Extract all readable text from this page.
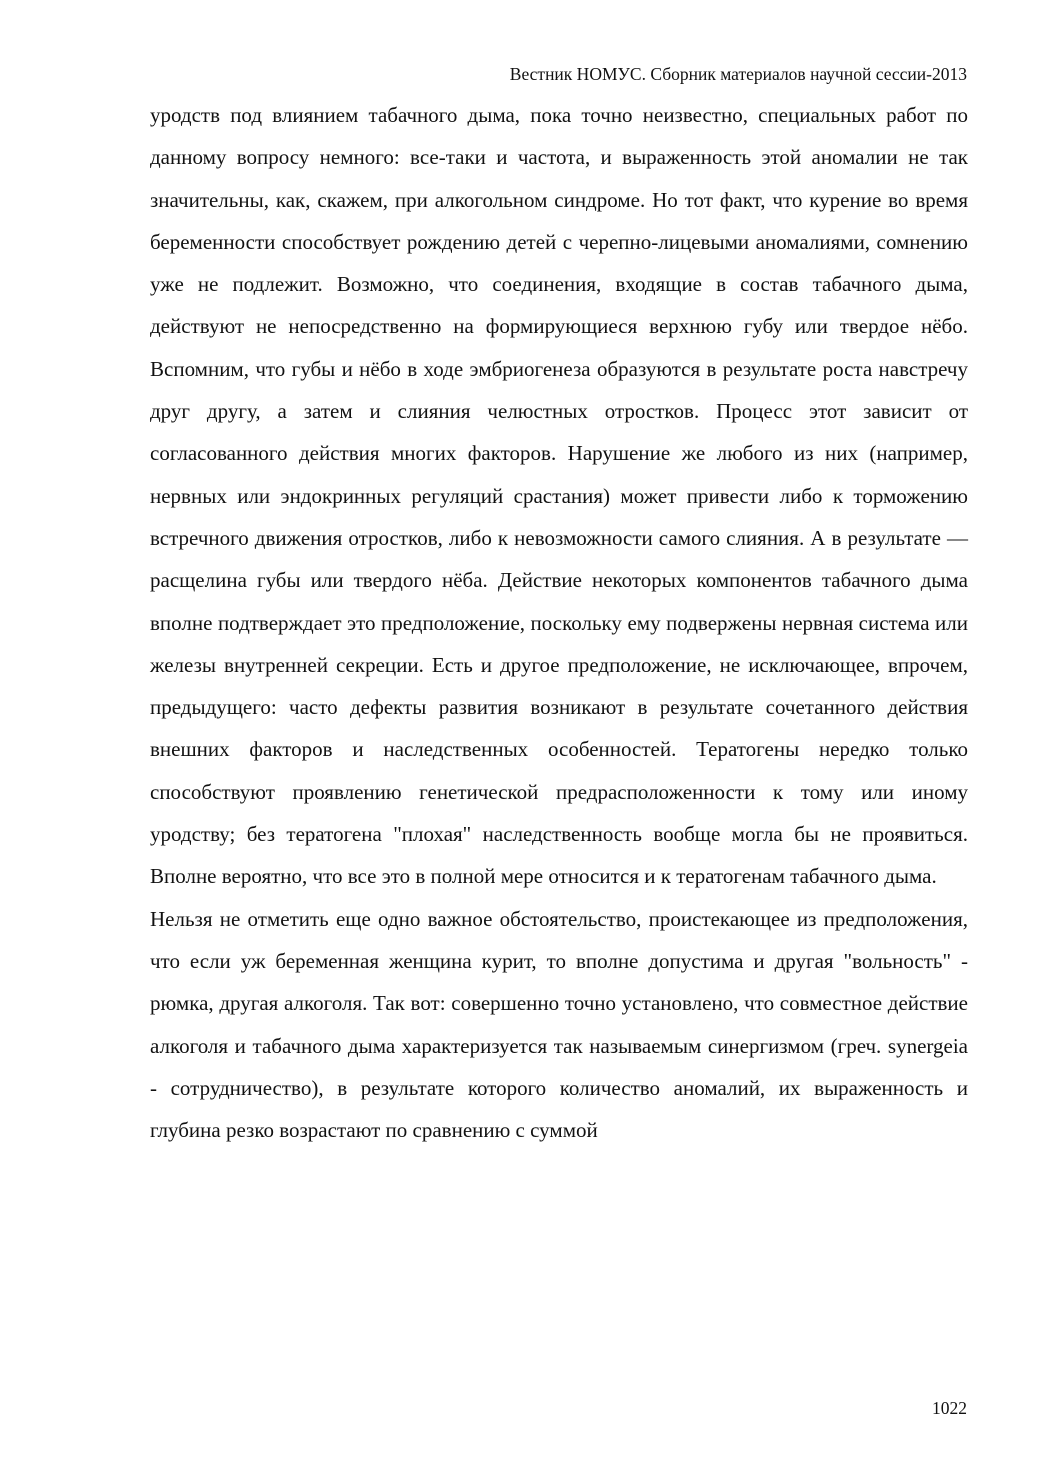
Вестник НОМУС. Сборник материалов научной сессии-2013

уродств под влиянием табачного дыма, пока точно неизвестно, специальных работ по данному вопросу немного: все-таки и частота, и выраженность этой аномалии не так значительны, как, скажем, при алкогольном синдроме. Но тот факт, что курение во время беременности способствует рождению детей с черепно-лицевыми аномалиями, сомнению уже не подлежит. Возможно, что соединения, входящие в состав табачного дыма, действуют не непосредственно на формирующиеся верхнюю губу или твердое нёбо. Вспомним, что губы и нёбо в ходе эмбриогенеза образуются в результате роста навстречу друг другу, а затем и слияния челюстных отростков. Процесс этот зависит от согласованного действия многих факторов. Нарушение же любого из них (например, нервных или эндокринных регуляций срастания) может привести либо к торможению встречного движения отростков, либо к невозможности самого слияния. А в результате — расщелина губы или твердого нёба. Действие некоторых компонентов табачного дыма вполне подтверждает это предположение, поскольку ему подвержены нервная система или железы внутренней секреции. Есть и другое предположение, не исключающее, впрочем, предыдущего: часто дефекты развития возникают в результате сочетанного действия внешних факторов и наследственных особенностей. Тератогены нередко только способствуют проявлению генетической предрасположенности к тому или иному уродству; без тератогена "плохая" наследственность вообще могла бы не проявиться. Вполне вероятно, что все это в полной мере относится и к тератогенам табачного дыма.

Нельзя не отметить еще одно важное обстоятельство, проистекающее из предположения, что если уж беременная женщина курит, то вполне допустима и другая "вольность" - рюмка, другая алкоголя. Так вот: совершенно точно установлено, что совместное действие алкоголя и табачного дыма характеризуется так называемым синергизмом (греч. synergeia - сотрудничество), в результате которого количество аномалий, их выраженность и глубина резко возрастают по сравнению с суммой

1022
